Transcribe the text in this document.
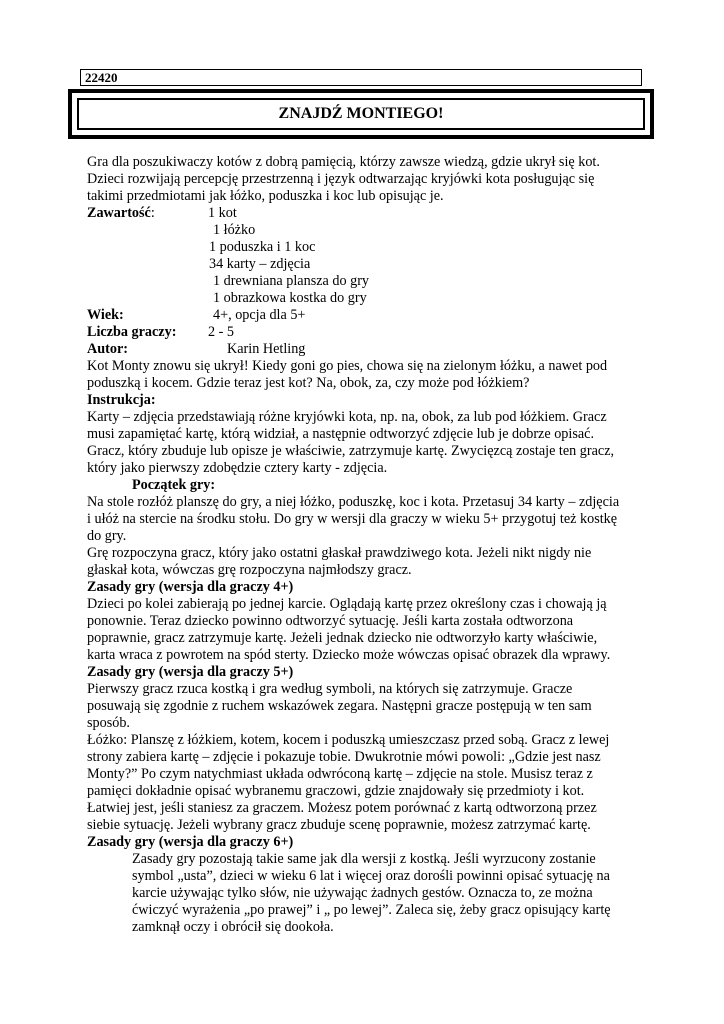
22420
ZNAJDŹ MONTIEGO!
Gra dla poszukiwaczy kotów z dobrą pamięcią, którzy zawsze wiedzą, gdzie ukrył się kot.
Dzieci rozwijają percepcję przestrzenną i język odtwarzając kryjówki kota posługując się
takimi przedmiotami jak łóżko, poduszka i koc lub opisując je.
Zawartość:	1 kot
1 łóżko
1 poduszka i 1 koc
34 karty – zdjęcia
1 drewniana plansza do gry
1 obrazkowa kostka do gry
Wiek:	4+, opcja dla 5+
Liczba graczy: 2 - 5
Autor:	Karin Hetling
Kot Monty znowu się ukrył! Kiedy goni go pies, chowa się na zielonym łóżku, a nawet pod
poduszką i kocem. Gdzie teraz jest kot? Na, obok, za, czy może pod łóżkiem?
Instrukcja:
Karty – zdjęcia przedstawiają różne kryjówki kota, np. na, obok, za lub pod łóżkiem. Gracz
musi zapamiętać kartę, którą widział, a następnie odtworzyć zdjęcie lub je dobrze opisać.
Gracz, który zbuduje lub opisze je właściwie, zatrzymuje kartę. Zwycięzcą zostaje ten gracz,
który jako pierwszy zdobędzie cztery karty - zdjęcia.
Początek gry:
Na stole rozłóż planszę do gry, a niej łóżko, poduszkę, koc i kota. Przetasuj 34 karty – zdjęcia
i ułóż na stercie na środku stołu. Do gry w wersji dla graczy w wieku 5+ przygotuj też kostkę
do gry.
Grę rozpoczyna gracz, który jako ostatni głaskał prawdziwego kota. Jeżeli nikt nigdy nie
głaskał kota, wówczas grę rozpoczyna najmłodszy gracz.
Zasady gry (wersja dla graczy 4+)
Dzieci po kolei zabierają po jednej karcie. Oglądają kartę przez określony czas i chowają ją
ponownie. Teraz dziecko powinno odtworzyć sytuację. Jeśli karta została odtworzona
poprawnie, gracz zatrzymuje kartę. Jeżeli jednak dziecko nie odtworzyło karty właściwie,
karta wraca z powrotem na spód sterty. Dziecko może wówczas opisać obrazek dla wprawy.
Zasady gry (wersja dla graczy 5+)
Pierwszy gracz rzuca kostką i gra według symboli, na których się zatrzymuje. Gracze
posuwają się zgodnie z ruchem wskazówek zegara. Następni gracze postępują w ten sam
sposób.
Łóżko: Planszę z łóżkiem, kotem, kocem i poduszką umieszczasz przed sobą. Gracz z lewej
strony zabiera kartę – zdjęcie i pokazuje tobie. Dwukrotnie mówi powoli: „Gdzie jest nasz
Monty?” Po czym natychmiast układa odwróconą kartę – zdjęcie na stole. Musisz teraz z
pamięci dokładnie opisać wybranemu graczowi, gdzie znajdowały się przedmioty i kot.
Łatwiej jest, jeśli staniesz za graczem. Możesz potem porównać z kartą odtworzoną przez
siebie sytuację. Jeżeli wybrany gracz zbuduje scenę poprawnie, możesz zatrzymać kartę.
Zasady gry (wersja dla graczy 6+)
Zasady gry pozostają takie same jak dla wersji z kostką. Jeśli wyrzucony zostanie
symbol „usta”, dzieci w wieku 6 lat i więcej oraz dorośli powinni opisać sytuację na
karcie używając tylko słów, nie używając żadnych gestów. Oznacza to, ze można
ćwiczyć wyrażenia „po prawej” i „ po lewej”. Zaleca się, żeby gracz opisujący kartę
zamknął oczy i obrócił się dookoła.
